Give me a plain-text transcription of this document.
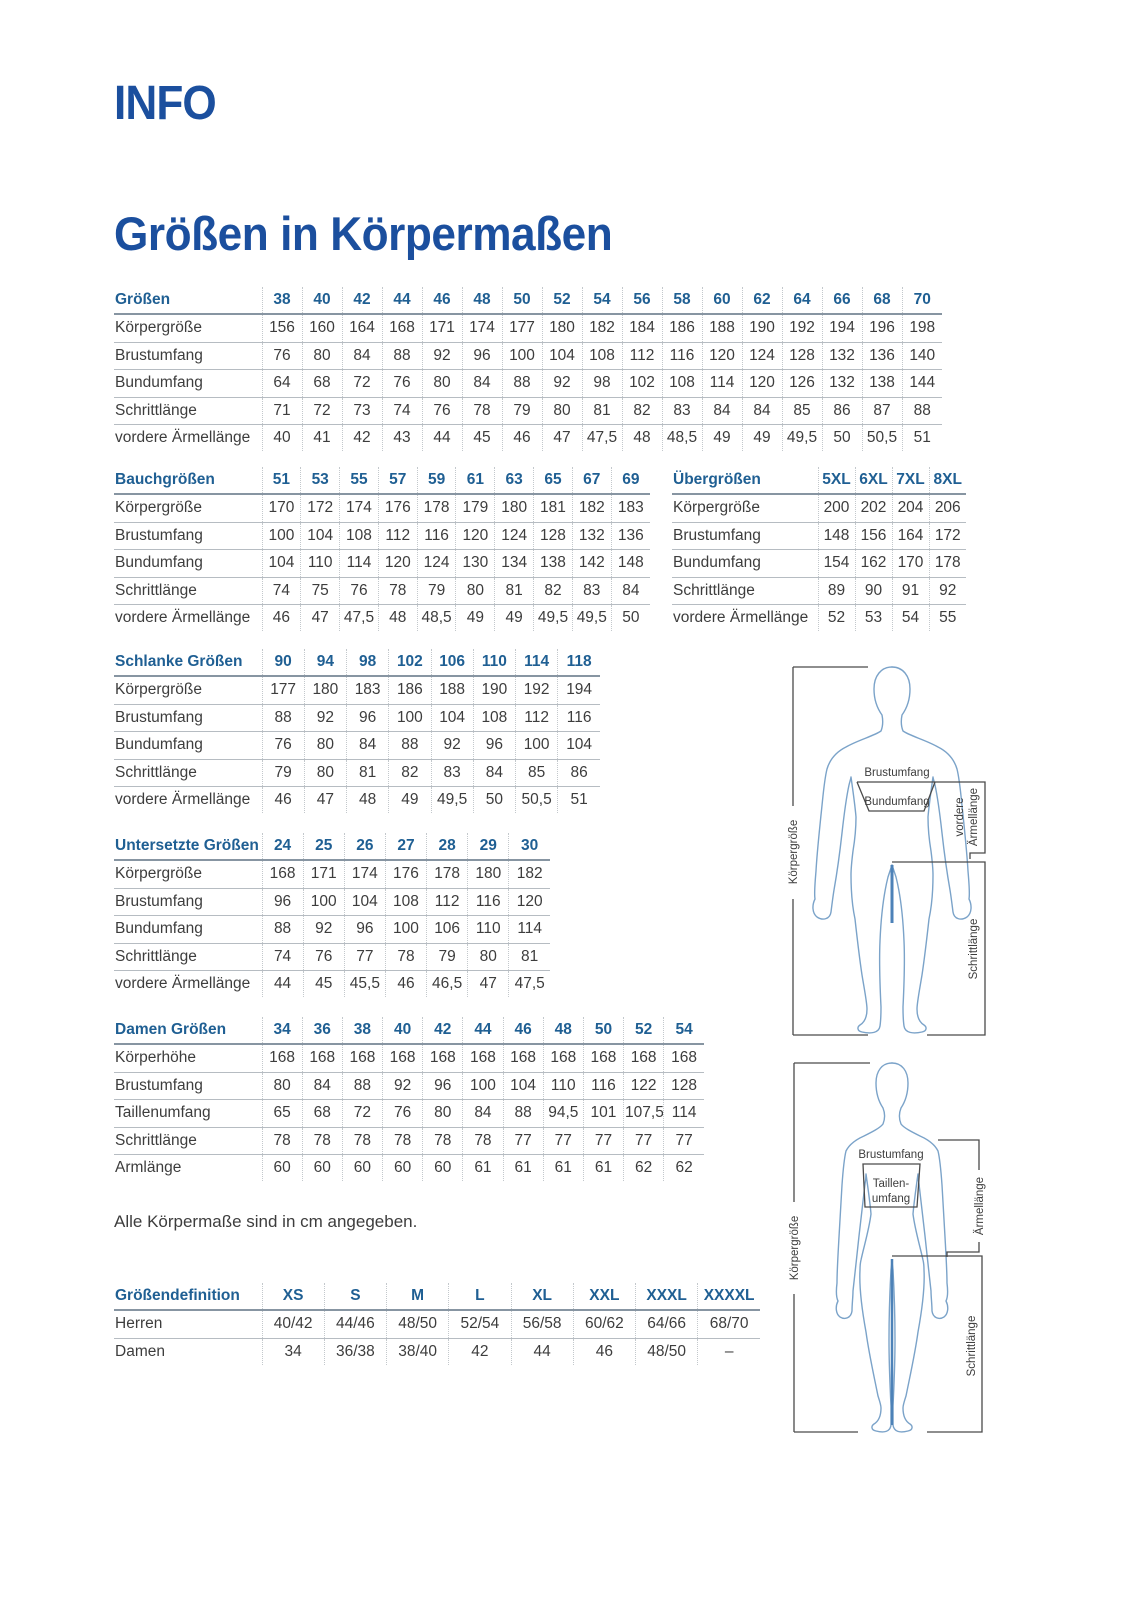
INFO
Größen in Körpermaßen
Größen	38	40	42	44	46	48	50	52	54	56	58	60	62	64	66	68	70
Körpergröße	156	160	164	168	171	174	177	180	182	184	186	188	190	192	194	196	198
Brustumfang	76	80	84	88	92	96	100	104	108	112	116	120	124	128	132	136	140
Bundumfang	64	68	72	76	80	84	88	92	98	102	108	114	120	126	132	138	144
Schrittlänge	71	72	73	74	76	78	79	80	81	82	83	84	84	85	86	87	88
vordere Ärmellänge	40	41	42	43	44	45	46	47	47,5	48	48,5	49	49	49,5	50	50,5	51
Bauchgrößen	51	53	55	57	59	61	63	65	67	69
Körpergröße	170	172	174	176	178	179	180	181	182	183
Brustumfang	100	104	108	112	116	120	124	128	132	136
Bundumfang	104	110	114	120	124	130	134	138	142	148
Schrittlänge	74	75	76	78	79	80	81	82	83	84
vordere Ärmellänge	46	47	47,5	48	48,5	49	49	49,5	49,5	50
Übergrößen	5XL	6XL	7XL	8XL
Körpergröße	200	202	204	206
Brustumfang	148	156	164	172
Bundumfang	154	162	170	178
Schrittlänge	89	90	91	92
vordere Ärmellänge	52	53	54	55
Schlanke Größen	90	94	98	102	106	110	114	118
Körpergröße	177	180	183	186	188	190	192	194
Brustumfang	88	92	96	100	104	108	112	116
Bundumfang	76	80	84	88	92	96	100	104
Schrittlänge	79	80	81	82	83	84	85	86
vordere Ärmellänge	46	47	48	49	49,5	50	50,5	51
Untersetzte Größen	24	25	26	27	28	29	30
Körpergröße	168	171	174	176	178	180	182
Brustumfang	96	100	104	108	112	116	120
Bundumfang	88	92	96	100	106	110	114
Schrittlänge	74	76	77	78	79	80	81
vordere Ärmellänge	44	45	45,5	46	46,5	47	47,5
Damen Größen	34	36	38	40	42	44	46	48	50	52	54
Körperhöhe	168	168	168	168	168	168	168	168	168	168	168
Brustumfang	80	84	88	92	96	100	104	110	116	122	128
Taillenumfang	65	68	72	76	80	84	88	94,5	101	107,5	114
Schrittlänge	78	78	78	78	78	78	77	77	77	77	77
Armlänge	60	60	60	60	60	61	61	61	61	62	62
Alle Körpermaße sind in cm angegeben.
Größendefinition	XS	S	M	L	XL	XXL	XXXL	XXXXL
Herren	40/42	44/46	48/50	52/54	56/58	60/62	64/66	68/70
Damen	34	36/38	38/40	42	44	46	48/50	–
Brustumfang
Bundumfang vordere Ärmellänge
Schrittlänge
Körpergröße
Brustumfang
Taillen-
umfang	Ärmellänge
Schrittlänge
Körpergröße
